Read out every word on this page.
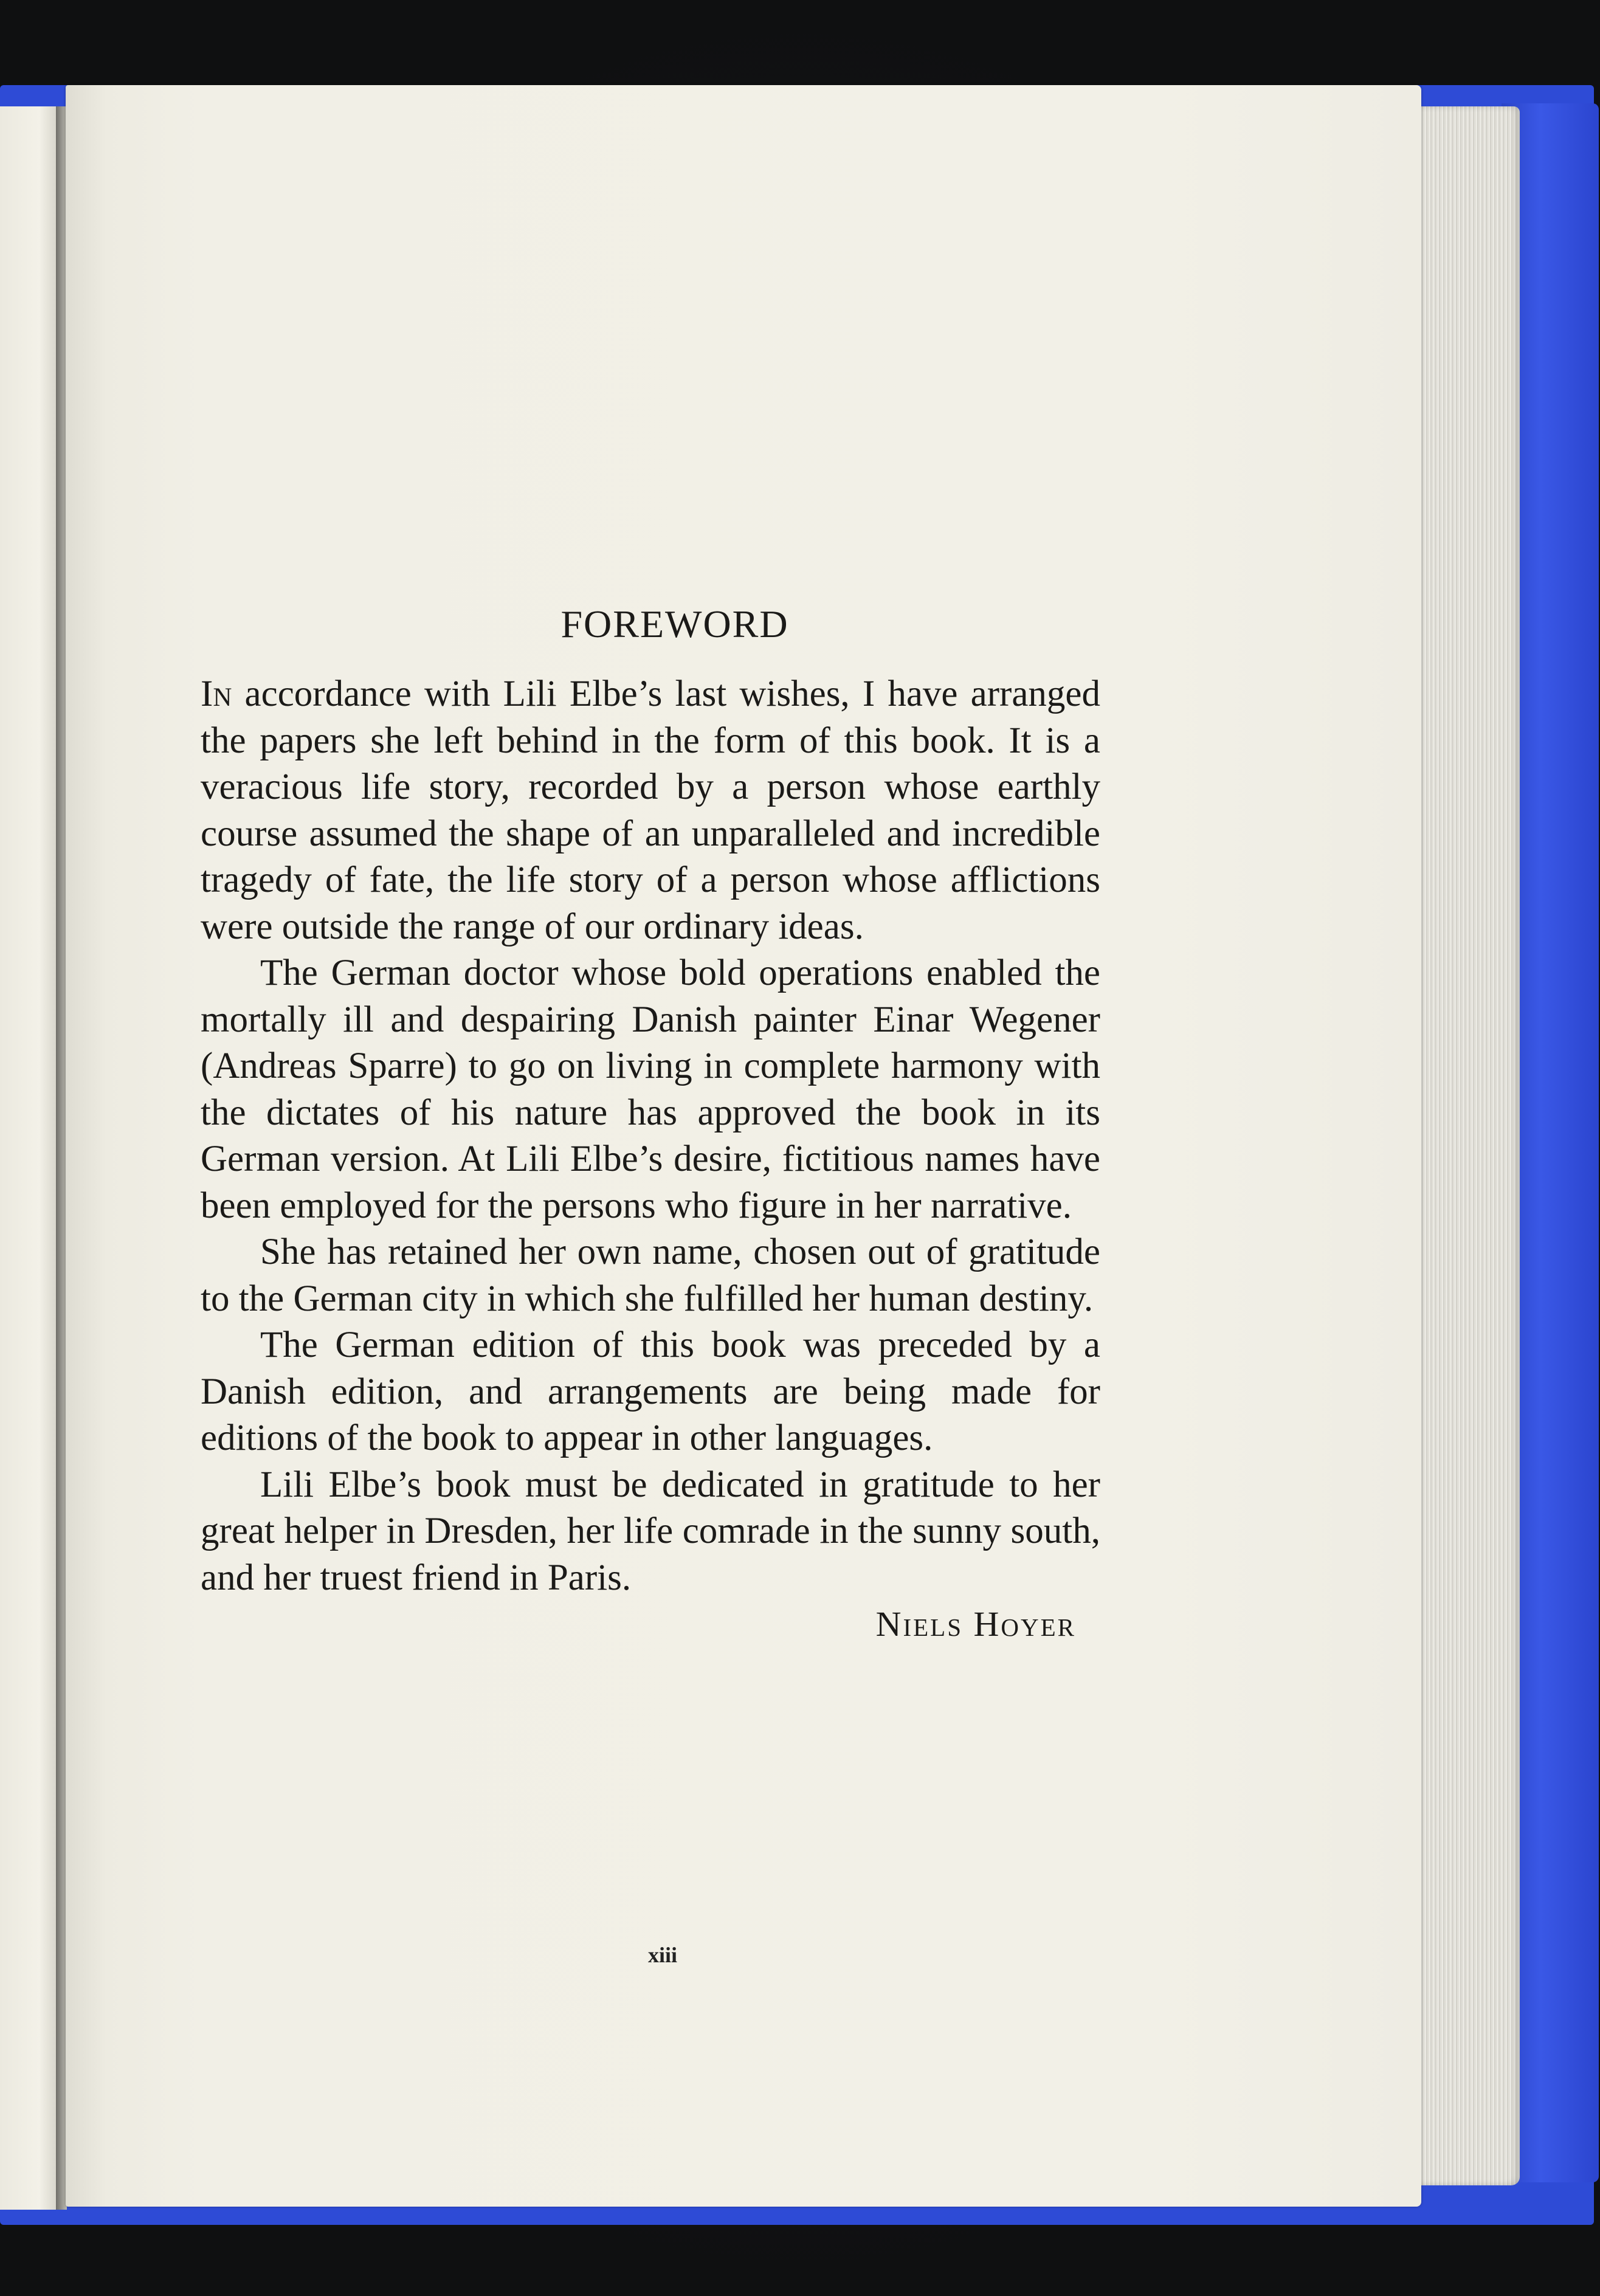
FOREWORD

In accordance with Lili Elbe’s last wishes, I have arranged the papers she left behind in the form of this book. It is a veracious life story, recorded by a person whose earthly course assumed the shape of an unparalleled and incredible tragedy of fate, the life story of a person whose afflictions were outside the range of our ordinary ideas.

The German doctor whose bold operations enabled the mortally ill and despairing Danish painter Einar Wegener (Andreas Sparre) to go on living in complete harmony with the dictates of his nature has approved the book in its German version. At Lili Elbe’s desire, fictitious names have been employed for the persons who figure in her narrative.

She has retained her own name, chosen out of gratitude to the German city in which she fulfilled her human destiny.

The German edition of this book was preceded by a Danish edition, and arrangements are being made for editions of the book to appear in other languages.

Lili Elbe’s book must be dedicated in gratitude to her great helper in Dresden, her life comrade in the sunny south, and her truest friend in Paris.

Niels Hoyer

xiii
